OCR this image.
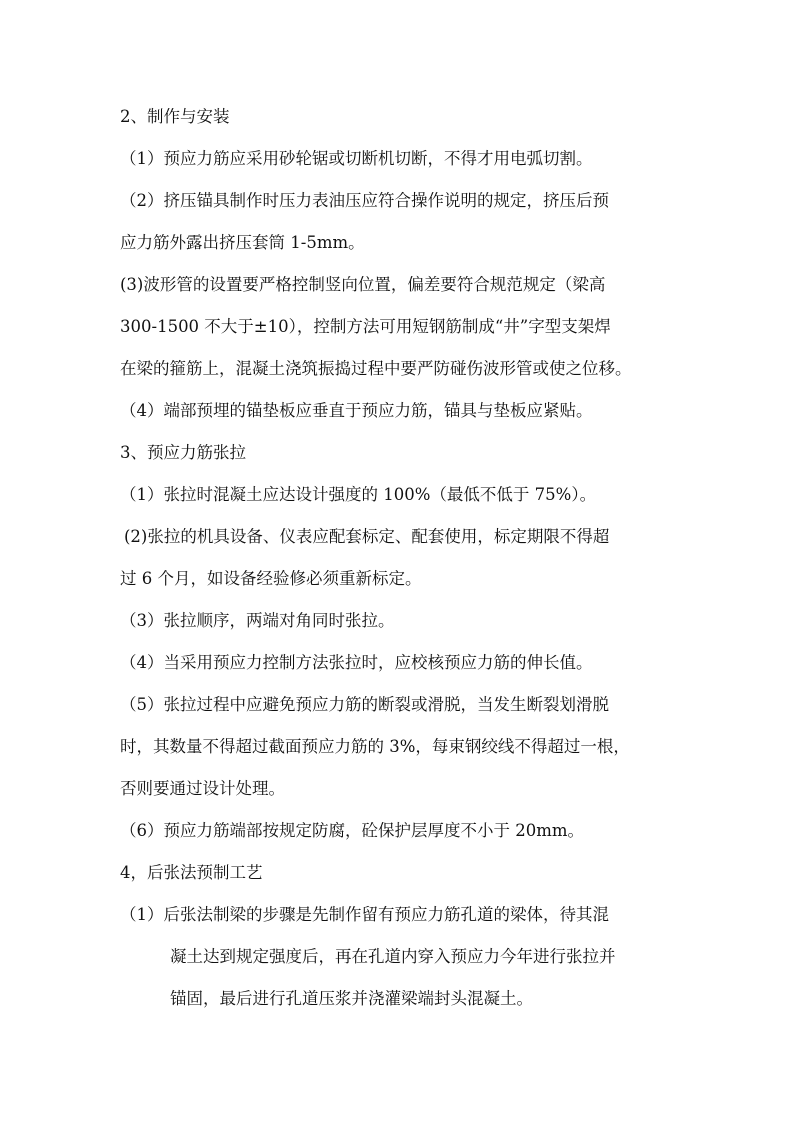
2、制作与安装
（1）预应力筋应采用砂轮锯或切断机切断，不得才用电弧切割。
（2）挤压锚具制作时压力表油压应符合操作说明的规定，挤压后预
应力筋外露出挤压套筒 1-5mm。
(3)波形管的设置要严格控制竖向位置，偏差要符合规范规定（梁高
300-1500 不大于±10），控制方法可用短钢筋制成“井”字型支架焊
在梁的箍筋上，混凝土浇筑振捣过程中要严防碰伤波形管或使之位移。
（4）端部预埋的锚垫板应垂直于预应力筋，锚具与垫板应紧贴。
3、预应力筋张拉
（1）张拉时混凝土应达设计强度的 100%（最低不低于 75%）。
(2)张拉的机具设备、仪表应配套标定、配套使用，标定期限不得超
过 6 个月，如设备经验修必须重新标定。
（3）张拉顺序，两端对角同时张拉。
（4）当采用预应力控制方法张拉时，应校核预应力筋的伸长值。
（5）张拉过程中应避免预应力筋的断裂或滑脱，当发生断裂划滑脱
时，其数量不得超过截面预应力筋的 3%，每束钢绞线不得超过一根，
否则要通过设计处理。
（6）预应力筋端部按规定防腐，砼保护层厚度不小于 20mm。
4，后张法预制工艺
（1）后张法制梁的步骤是先制作留有预应力筋孔道的梁体，待其混
凝土达到规定强度后，再在孔道内穿入预应力今年进行张拉并
锚固，最后进行孔道压浆并浇灌梁端封头混凝土。
